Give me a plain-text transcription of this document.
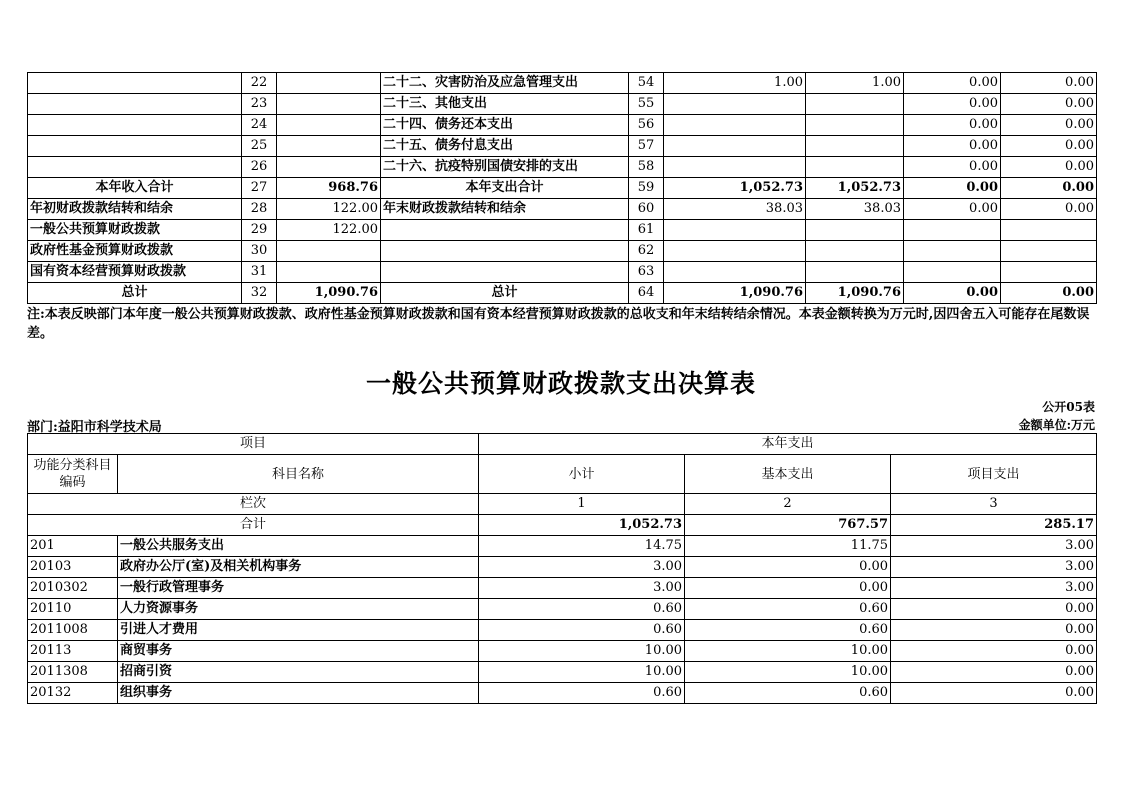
	22		二十二、灾害防治及应急管理支出	54	1.00	1.00	0.00	0.00
	23		二十三、其他支出	55			0.00	0.00
	24		二十四、债务还本支出	56			0.00	0.00
	25		二十五、债务付息支出	57			0.00	0.00
	26		二十六、抗疫特别国债安排的支出	58			0.00	0.00
本年收入合计	27	968.76	本年支出合计	59	1,052.73	1,052.73	0.00	0.00
年初财政拨款结转和结余	28	122.00	年末财政拨款结转和结余	60	38.03	38.03	0.00	0.00
一般公共预算财政拨款	29	122.00		61				
政府性基金预算财政拨款	30			62				
国有资本经营预算财政拨款	31			63				
总计	32	1,090.76	总计	64	1,090.76	1,090.76	0.00	0.00
注:本表反映部门本年度一般公共预算财政拨款、政府性基金预算财政拨款和国有资本经营预算财政拨款的总收支和年末结转结余情况。本表金额转换为万元时,因四舍五入可能存在尾数误差。
一般公共预算财政拨款支出决算表
公开05表
部门:益阳市科学技术局	金额单位:万元
项目		本年支出		
功能分类科目编码	科目名称	小计	基本支出	项目支出
栏次		1	2	3
合计		1,052.73	767.57	285.17
201	一般公共服务支出	14.75	11.75	3.00
20103	政府办公厅(室)及相关机构事务	3.00	0.00	3.00
2010302	一般行政管理事务	3.00	0.00	3.00
20110	人力资源事务	0.60	0.60	0.00
2011008	引进人才费用	0.60	0.60	0.00
20113	商贸事务	10.00	10.00	0.00
2011308	招商引资	10.00	10.00	0.00
20132	组织事务	0.60	0.60	0.00
